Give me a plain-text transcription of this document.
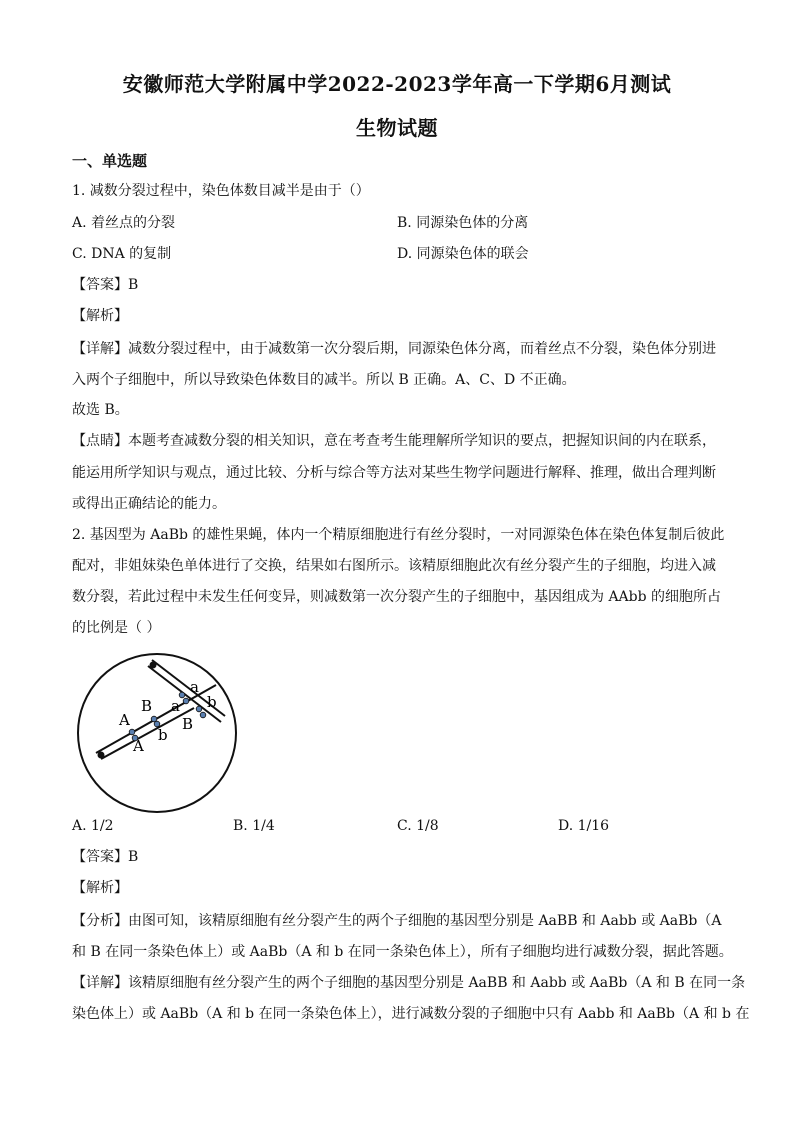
安徽师范大学附属中学2022-2023学年高一下学期6月测试
生物试题
一、单选题
1. 减数分裂过程中，染色体数目减半是由于（）
A. 着丝点的分裂	B. 同源染色体的分离
C. DNA 的复制	D. 同源染色体的联会
【答案】B
【解析】
【详解】减数分裂过程中，由于减数第一次分裂后期，同源染色体分离，而着丝点不分裂，染色体分别进
入两个子细胞中，所以导致染色体数目的减半。所以 B 正确。A、C、D 不正确。
故选 B。
【点睛】本题考查减数分裂的相关知识，意在考查考生能理解所学知识的要点，把握知识间的内在联系，
能运用所学知识与观点，通过比较、分析与综合等方法对某些生物学问题进行解释、推理，做出合理判断
或得出正确结论的能力。
2. 基因型为 AaBb 的雄性果蝇，体内一个精原细胞进行有丝分裂时，一对同源染色体在染色体复制后彼此
配对，非姐妹染色单体进行了交换，结果如右图所示。该精原细胞此次有丝分裂产生的子细胞，均进入减
数分裂，若此过程中未发生任何变异，则减数第一次分裂产生的子细胞中，基因组成为 AAbb 的细胞所占
的比例是（ ）
a
b
B a
B
A
b
A
A. 1/2	B. 1/4	C. 1/8	D. 1/16
【答案】B
【解析】
【分析】由图可知，该精原细胞有丝分裂产生的两个子细胞的基因型分别是 AaBB 和 Aabb 或 AaBb（A
和 B 在同一条染色体上）或 AaBb（A 和 b 在同一条染色体上），所有子细胞均进行减数分裂，据此答题。
【详解】该精原细胞有丝分裂产生的两个子细胞的基因型分别是 AaBB 和 Aabb 或 AaBb（A 和 B 在同一条
染色体上）或 AaBb（A 和 b 在同一条染色体上），进行减数分裂的子细胞中只有 Aabb 和 AaBb（A 和 b 在
